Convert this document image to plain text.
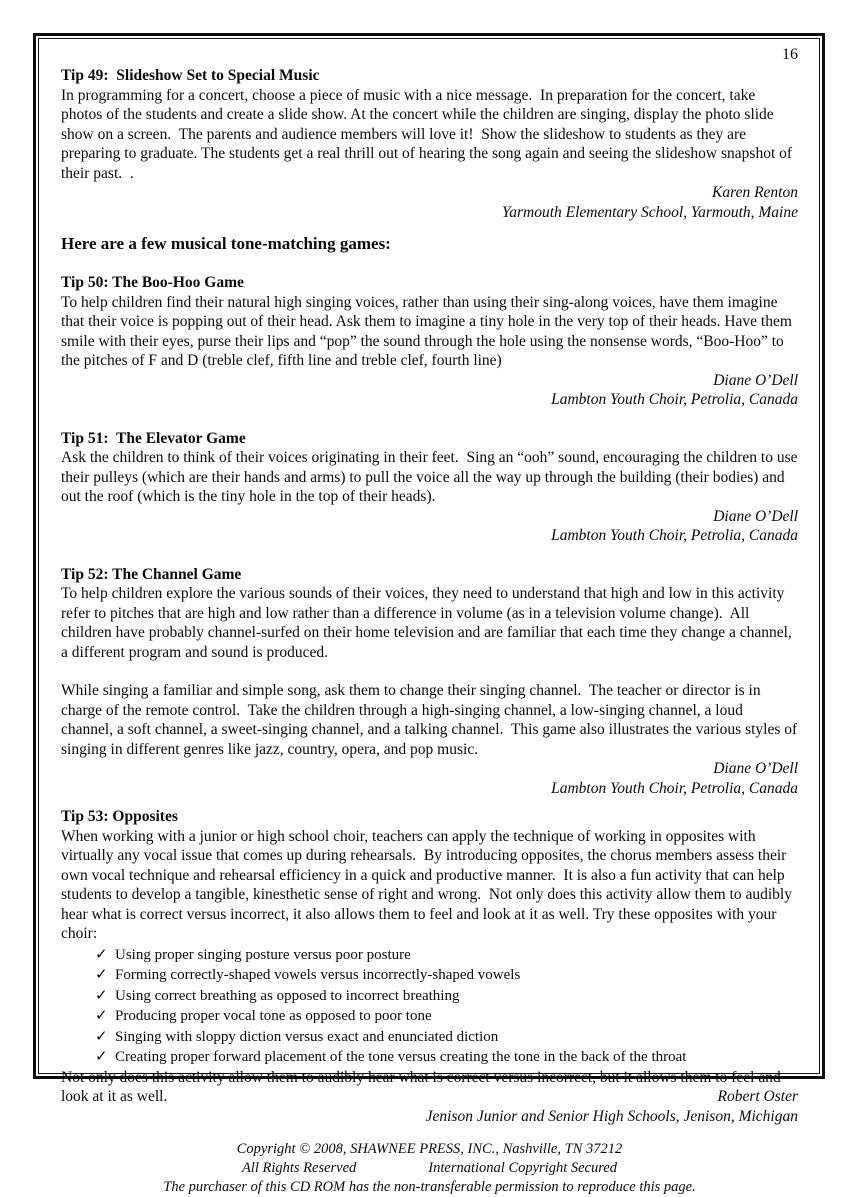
16
Tip 49:  Slideshow Set to Special Music
In programming for a concert, choose a piece of music with a nice message.  In preparation for the concert, take photos of the students and create a slide show. At the concert while the children are singing, display the photo slide show on a screen.  The parents and audience members will love it!  Show the slideshow to students as they are preparing to graduate. The students get a real thrill out of hearing the song again and seeing the slideshow snapshot of their past.  .
Karen Renton
Yarmouth Elementary School, Yarmouth, Maine
Here are a few musical tone-matching games:
Tip 50: The Boo-Hoo Game
To help children find their natural high singing voices, rather than using their sing-along voices, have them imagine that their voice is popping out of their head. Ask them to imagine a tiny hole in the very top of their heads. Have them smile with their eyes, purse their lips and “pop” the sound through the hole using the nonsense words, “Boo-Hoo” to the pitches of F and D (treble clef, fifth line and treble clef, fourth line)
Diane O’Dell
Lambton Youth Choir, Petrolia, Canada
Tip 51:  The Elevator Game
Ask the children to think of their voices originating in their feet.  Sing an “ooh” sound, encouraging the children to use their pulleys (which are their hands and arms) to pull the voice all the way up through the building (their bodies) and out the roof (which is the tiny hole in the top of their heads).
Diane O’Dell
Lambton Youth Choir, Petrolia, Canada
Tip 52: The Channel Game
To help children explore the various sounds of their voices, they need to understand that high and low in this activity refer to pitches that are high and low rather than a difference in volume (as in a television volume change).  All children have probably channel-surfed on their home television and are familiar that each time they change a channel, a different program and sound is produced.
While singing a familiar and simple song, ask them to change their singing channel.  The teacher or director is in charge of the remote control.  Take the children through a high-singing channel, a low-singing channel, a loud channel, a soft channel, a sweet-singing channel, and a talking channel.  This game also illustrates the various styles of singing in different genres like jazz, country, opera, and pop music.
Diane O’Dell
Lambton Youth Choir, Petrolia, Canada
Tip 53: Opposites
When working with a junior or high school choir, teachers can apply the technique of working in opposites with virtually any vocal issue that comes up during rehearsals.  By introducing opposites, the chorus members assess their own vocal technique and rehearsal efficiency in a quick and productive manner.  It is also a fun activity that can help students to develop a tangible, kinesthetic sense of right and wrong.  Not only does this activity allow them to audibly hear what is correct versus incorrect, it also allows them to feel and look at it as well. Try these opposites with your choir:
✓ Using proper singing posture versus poor posture
✓ Forming correctly-shaped vowels versus incorrectly-shaped vowels
✓ Using correct breathing as opposed to incorrect breathing
✓ Producing proper vocal tone as opposed to poor tone
✓ Singing with sloppy diction versus exact and enunciated diction
✓ Creating proper forward placement of the tone versus creating the tone in the back of the throat
Not only does this activity allow them to audibly hear what is correct versus incorrect, but it allows them to feel and look at it as well.	Robert Oster
Jenison Junior and Senior High Schools, Jenison, Michigan
Copyright © 2008, SHAWNEE PRESS, INC., Nashville, TN 37212
All Rights Reserved	International Copyright Secured
The purchaser of this CD ROM has the non-transferable permission to reproduce this page.
